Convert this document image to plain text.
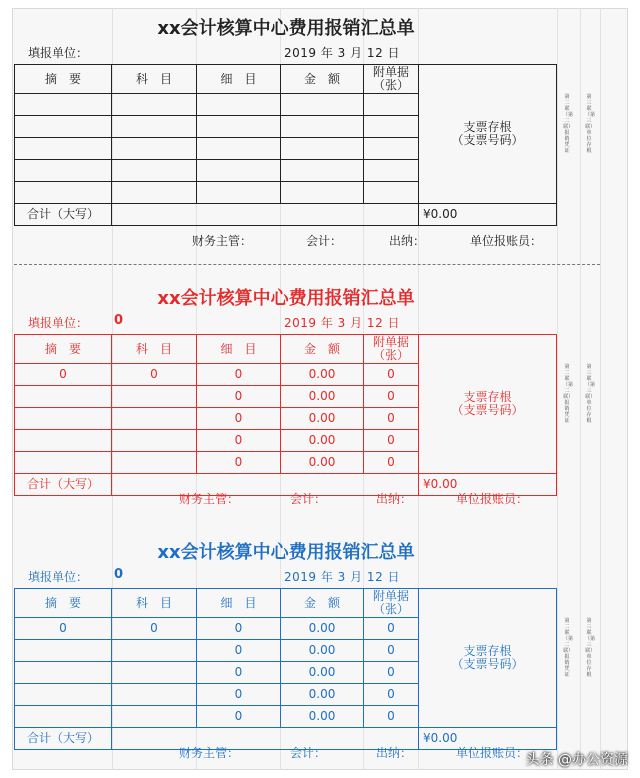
xx会计核算中心费用报销汇总单
填报单位：	2019 年 3 月 12 日
摘　要	科　目	细　目	金　额	附单据（张）	支票存根
（支票号码）

合计（大写）					¥0.00
财务主管：	会计：	出纳：	单位报账员：
第二联（第二联）报销凭证
第三联（第三联）单位存根
xx会计核算中心费用报销汇总单
填报单位： 0	2019 年 3 月 12 日
摘　要	科　目	细　目	金　额	附单据（张）	支票存根
（支票号码）

0	0	0	0.00	0	
		0	0.00	0	
		0	0.00	0	
		0	0.00	0	
		0	0.00	0	
合计（大写）					¥0.00
财务主管：	会计：	出纳：	单位报账员：
第二联（第二联）报销凭证
第三联（第三联）单位存根
xx会计核算中心费用报销汇总单
填报单位： 0	2019 年 3 月 12 日
摘　要	科　目	细　目	金　额	附单据（张）	支票存根
（支票号码）

0	0	0	0.00	0	
		0	0.00	0	
		0	0.00	0	
		0	0.00	0	
		0	0.00	0	
合计（大写）					¥0.00
财务主管：	会计：	出纳：	单位报账员：
第二联（第二联）报销凭证
第三联（第三联）单位存根
头条 @办公资源
